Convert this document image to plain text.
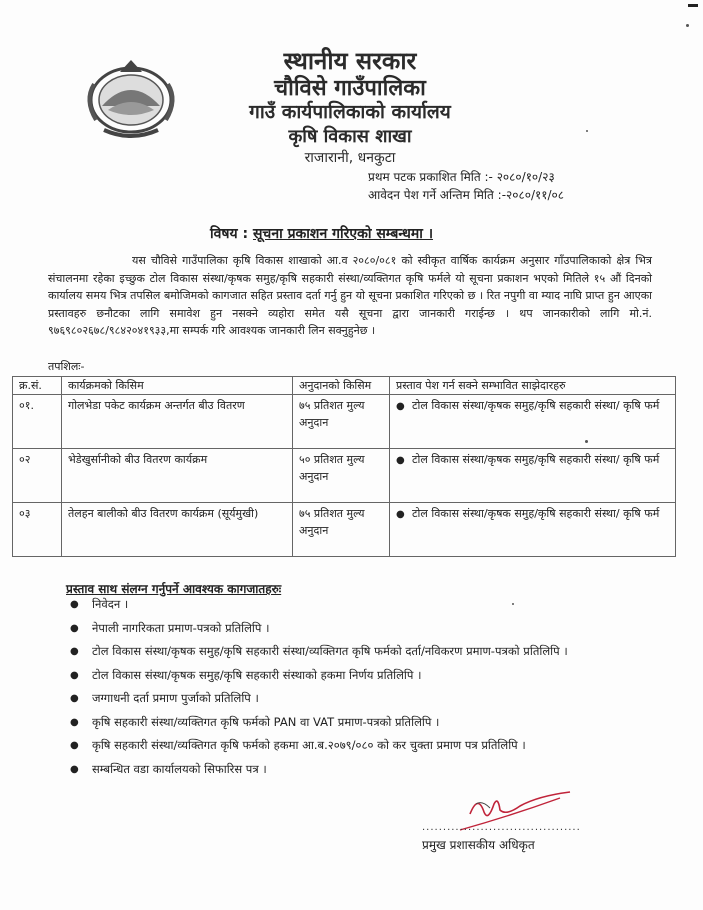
स्थानीय सरकार
चौविसे गाउँपालिका
गाउँ कार्यपालिकाको कार्यालय
कृषि विकास शाखा
राजारानी, धनकुटा
प्रथम पटक प्रकाशित मिति :- २०८०/१०/२३
आवेदन पेश गर्ने अन्तिम मिति :-२०८०/११/०८
विषय : सूचना प्रकाशन गरिएको सम्बन्धमा ।
यस चौविसे गाउँपालिका कृषि विकास शाखाको आ.व २०८०/०८१ को स्वीकृत वार्षिक कार्यक्रम अनुसार गाँउपालिकाको क्षेत्र भित्र संचालनमा रहेका इच्छुक टोल विकास संस्था/कृषक समुह/कृषि सहकारी संस्था/व्यक्तिगत कृषि फर्मले यो सूचना प्रकाशन भएको मितिले १५ औं दिनको कार्यालय समय भित्र तपसिल बमोजिमको कागजात सहित प्रस्ताव दर्ता गर्नु हुन यो सूचना प्रकाशित गरिएको छ । रित नपुगी वा म्याद नाघि प्राप्त हुन आएका प्रस्तावहरु छनौटका लागि समावेश हुन नसक्ने व्यहोरा समेत यसै सूचना द्वारा जानकारी गराईन्छ । थप जानकारीको लागि मो.नं. ९७६९८०२६७८/९८४२०४१९३३,मा सम्पर्क गरि आवश्यक जानकारी लिन सक्नुहुनेछ ।
तपशिलः-
क्र.सं.	कार्यक्रमको किसिम	अनुदानको किसिम	प्रस्ताव पेश गर्न सक्ने सम्भावित साझेदारहरु
०१.	गोलभेडा पकेट कार्यक्रम अन्तर्गत बीउ वितरण	७५ प्रतिशत मुल्य अनुदान	● टोल विकास संस्था/कृषक समुह/कृषि सहकारी संस्था/ कृषि फर्म

०२	भेडेखुर्सानीको बीउ वितरण कार्यक्रम	५० प्रतिशत मुल्य अनुदान	● टोल विकास संस्था/कृषक समुह/कृषि सहकारी संस्था/ कृषि फर्म

०३	तेलहन बालीको बीउ वितरण कार्यक्रम (सूर्यमुखी)	७५ प्रतिशत मुल्य अनुदान	● टोल विकास संस्था/कृषक समुह/कृषि सहकारी संस्था/ कृषि फर्म
प्रस्ताव साथ संलग्न गर्नुपर्ने आवश्यक कागजातहरुः
●	निवेदन ।
●	नेपाली नागरिकता प्रमाण-पत्रको प्रतिलिपि ।
●	टोल विकास संस्था/कृषक समुह/कृषि सहकारी संस्था/व्यक्तिगत कृषि फर्मको दर्ता/नविकरण प्रमाण-पत्रको प्रतिलिपि ।
●	टोल विकास संस्था/कृषक समुह/कृषि सहकारी संस्थाको हकमा निर्णय प्रतिलिपि ।
●	जग्गाधनी दर्ता प्रमाण पुर्जाको प्रतिलिपि ।
●	कृषि सहकारी संस्था/व्यक्तिगत कृषि फर्मको PAN वा VAT प्रमाण-पत्रको प्रतिलिपि ।
●	कृषि सहकारी संस्था/व्यक्तिगत कृषि फर्मको हकमा आ.ब.२०७९/०८० को कर चुक्ता प्रमाण पत्र प्रतिलिपि ।
●	सम्बन्धित वडा कार्यालयको सिफारिस पत्र ।
......................................
प्रमुख प्रशासकीय अधिकृत
